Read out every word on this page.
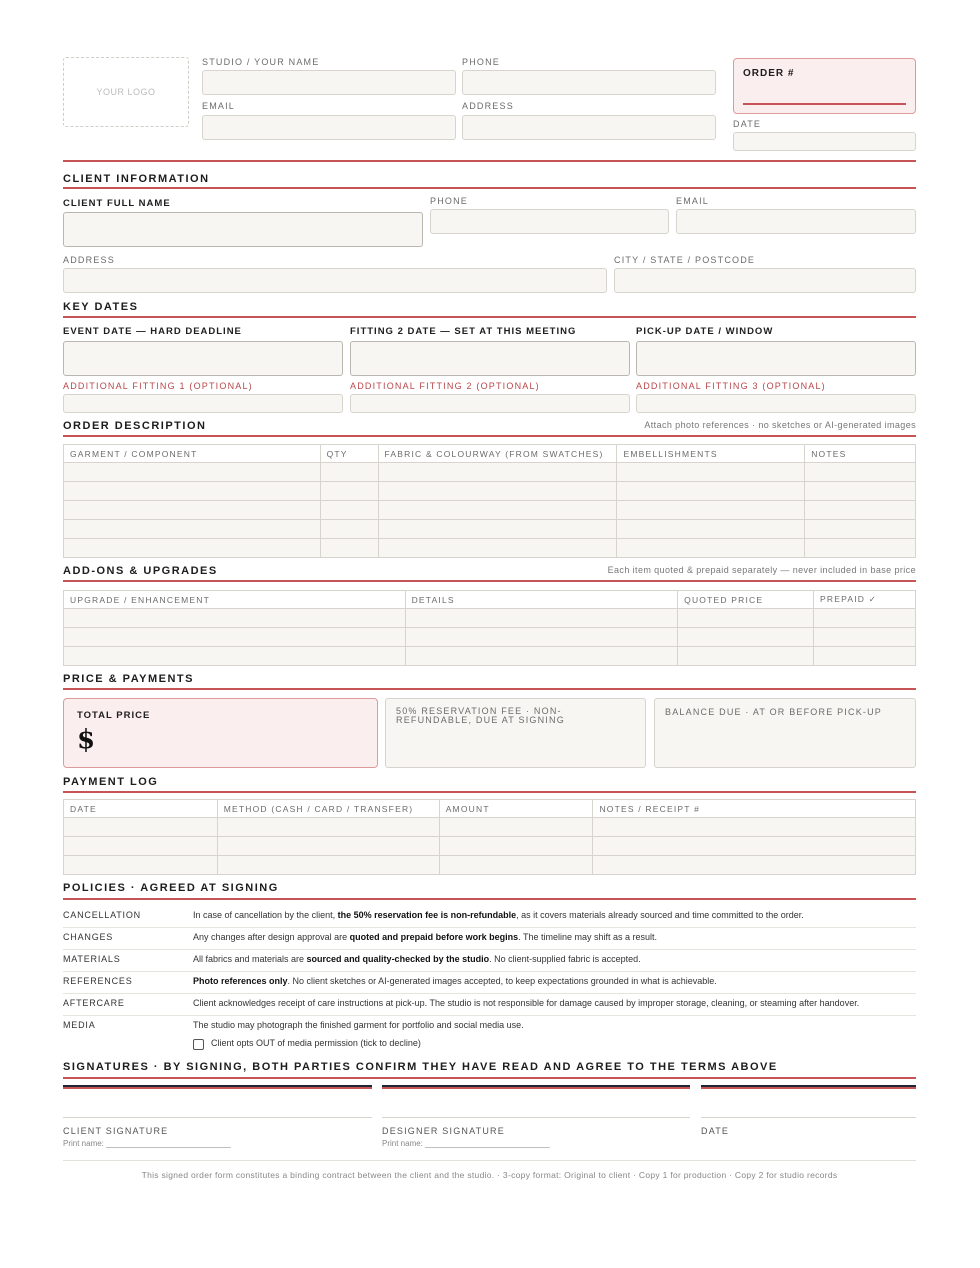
YOUR LOGO
STUDIO / YOUR NAME	PHONE
EMAIL	ADDRESS
ORDER #
DATE
CLIENT INFORMATION
CLIENT FULL NAME	PHONE	EMAIL
ADDRESS	CITY / STATE / POSTCODE
KEY DATES
EVENT DATE — HARD DEADLINE	FITTING 2 DATE — SET AT THIS MEETING	PICK-UP DATE / WINDOW
ADDITIONAL FITTING 1 (OPTIONAL)	ADDITIONAL FITTING 2 (OPTIONAL)	ADDITIONAL FITTING 3 (OPTIONAL)
ORDER DESCRIPTION	Attach photo references · no sketches or AI-generated images
GARMENT / COMPONENT	QTY	FABRIC & COLOURWAY (FROM SWATCHES)	EMBELLISHMENTS	NOTES

ADD-ONS & UPGRADES	Each item quoted & prepaid separately — never included in base price
UPGRADE / ENHANCEMENT	DETAILS	QUOTED PRICE	PREPAID ✓

PRICE & PAYMENTS
TOTAL PRICE
$
50% RESERVATION FEE · NON-REFUNDABLE, DUE AT SIGNING
BALANCE DUE · AT OR BEFORE PICK-UP
PAYMENT LOG
DATE	METHOD (CASH / CARD / TRANSFER)	AMOUNT	NOTES / RECEIPT #

POLICIES · AGREED AT SIGNING
CANCELLATION	In case of cancellation by the client, the 50% reservation fee is non-refundable, as it covers materials already sourced and time committed to the order.
CHANGES	Any changes after design approval are quoted and prepaid before work begins. The timeline may shift as a result.
MATERIALS	All fabrics and materials are sourced and quality-checked by the studio. No client-supplied fabric is accepted.
REFERENCES	Photo references only. No client sketches or AI-generated images accepted, to keep expectations grounded in what is achievable.
AFTERCARE	Client acknowledges receipt of care instructions at pick-up. The studio is not responsible for damage caused by improper storage, cleaning, or steaming after handover.
MEDIA	The studio may photograph the finished garment for portfolio and social media use.
Client opts OUT of media permission (tick to decline)
SIGNATURES · BY SIGNING, BOTH PARTIES CONFIRM THEY HAVE READ AND AGREE TO THE TERMS ABOVE
CLIENT SIGNATURE
Print name: ____________________________
DESIGNER SIGNATURE
Print name: ____________________________
DATE
This signed order form constitutes a binding contract between the client and the studio. · 3-copy format: Original to client · Copy 1 for production · Copy 2 for studio records
